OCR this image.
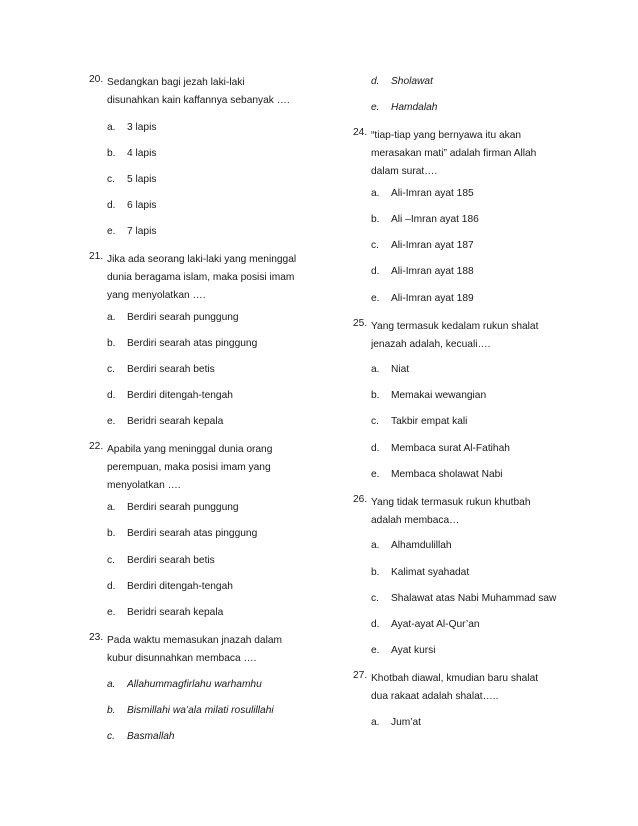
20. Sedangkan bagi jezah laki-laki
disunahkan kain kaffannya sebanyak ….
a. 3 lapis
b. 4 lapis
c. 5 lapis
d. 6 lapis
e. 7 lapis
21. Jika ada seorang laki-laki yang meninggal
dunia beragama islam, maka posisi imam
yang menyolatkan ….
a. Berdiri searah punggung
b. Berdiri searah atas pinggung
c. Berdiri searah betis
d. Berdiri ditengah-tengah
e. Beridri searah kepala
22. Apabila yang meninggal dunia orang
perempuan, maka posisi imam yang
menyolatkan ….
a. Berdiri searah punggung
b. Berdiri searah atas pinggung
c. Berdiri searah betis
d. Berdiri ditengah-tengah
e. Beridri searah kepala
23. Pada waktu memasukan jnazah dalam
kubur disunnahkan membaca ….
a. Allahummagfirlahu warhamhu
b. Bismillahi wa’ala milati rosulillahi
c. Basmallah
d. Sholawat
e. Hamdalah
24. “tiap-tiap yang bernyawa itu akan
merasakan mati” adalah firman Allah
dalam surat….
a. Ali-Imran ayat 185
b. Ali –Imran ayat 186
c. Ali-Imran ayat 187
d. Ali-Imran ayat 188
e. Ali-Imran ayat 189
25. Yang termasuk kedalam rukun shalat
jenazah adalah, kecuali….
a. Niat
b. Memakai wewangian
c. Takbir empat kali
d. Membaca surat Al-Fatihah
e. Membaca sholawat Nabi
26. Yang tidak termasuk rukun khutbah
adalah membaca…
a. Alhamdulillah
b. Kalimat syahadat
c. Shalawat atas Nabi Muhammad saw
d. Ayat-ayat Al-Qur’an
e. Ayat kursi
27. Khotbah diawal, kmudian baru shalat
dua rakaat adalah shalat…..
a. Jum’at
